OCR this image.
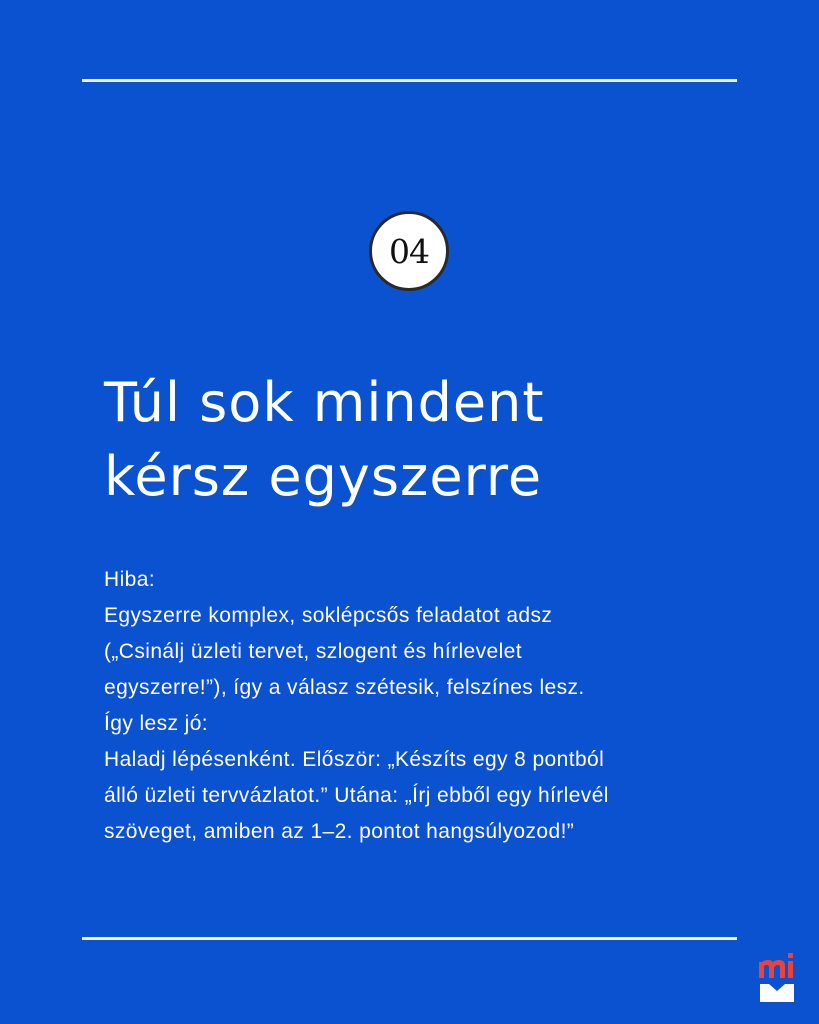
04
Túl sok mindent
kérsz egyszerre
Hiba:
Egyszerre komplex, soklépcsős feladatot adsz
(„Csinálj üzleti tervet, szlogent és hírlevelet
egyszerre!”), így a válasz szétesik, felszínes lesz.
Így lesz jó:
Haladj lépésenként. Először: „Készíts egy 8 pontból
álló üzleti tervvázlatot.” Utána: „Írj ebből egy hírlevél
szöveget, amiben az 1–2. pontot hangsúlyozod!”
